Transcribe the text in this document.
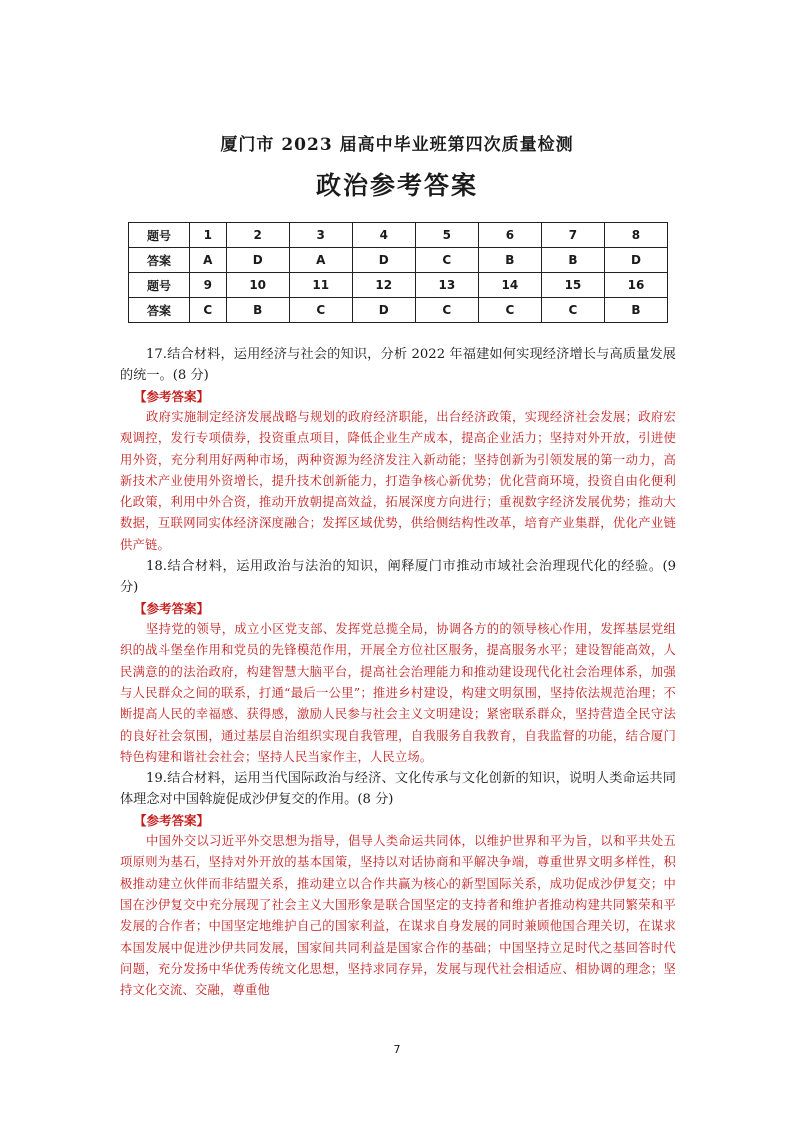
厦门市 2023 届高中毕业班第四次质量检测
政治参考答案
题号	1	2	3	4	5	6	7	8
答案	A	D	A	D	C	B	B	D
题号	9	10	11	12	13	14	15	16
答案	C	B	C	D	C	C	C	B

17.结合材料，运用经济与社会的知识，分析 2022 年福建如何实现经济增长与高质量发展的统一。(8 分)

【参考答案】

政府实施制定经济发展战略与规划的政府经济职能，出台经济政策，实现经济社会发展；政府宏观调控，发行专项债券，投资重点项目，降低企业生产成本，提高企业活力；坚持对外开放，引进使用外资，充分利用好两种市场，两种资源为经济发注入新动能；坚持创新为引领发展的第一动力，高新技术产业使用外资增长，提升技术创新能力，打造争核心新优势；优化营商环境，投资自由化便利化政策，利用中外合资，推动开放朝提高效益，拓展深度方向进行；重视数字经济发展优势；推动大数据，互联网同实体经济深度融合；发挥区域优势，供给侧结构性改革，培育产业集群，优化产业链供产链。

18.结合材料，运用政治与法治的知识，阐释厦门市推动市域社会治理现代化的经验。(9 分)

【参考答案】

坚持党的领导，成立小区党支部、发挥党总揽全局，协调各方的的领导核心作用，发挥基层党组织的战斗堡垒作用和党员的先锋模范作用，开展全方位社区服务，提高服务水平；建设智能高效，人民满意的的法治政府，构建智慧大脑平台，提高社会治理能力和推动建设现代化社会治理体系，加强与人民群众之间的联系，打通“最后一公里”；推进乡村建设，构建文明氛围，坚持依法规范治理；不断提高人民的幸福感、获得感，激励人民参与社会主义文明建设；紧密联系群众，坚持营造全民守法的良好社会氛围，通过基层自治组织实现自我管理，自我服务自我教育，自我监督的功能，结合厦门特色构建和谐社会社会；坚持人民当家作主，人民立场。

19.结合材料，运用当代国际政治与经济、文化传承与文化创新的知识，说明人类命运共同体理念对中国斡旋促成沙伊复交的作用。(8 分)

【参考答案】

中国外交以习近平外交思想为指导，倡导人类命运共同体，以维护世界和平为旨，以和平共处五项原则为基石，坚持对外开放的基本国策，坚持以对话协商和平解决争端，尊重世界文明多样性，积极推动建立伙伴而非结盟关系，推动建立以合作共赢为核心的新型国际关系，成功促成沙伊复交；中国在沙伊复交中充分展现了社会主义大国形象是联合国坚定的支持者和维护者推动构建共同繁荣和平发展的合作者；中国坚定地维护自己的国家利益，在谋求自身发展的同时兼顾他国合理关切，在谋求本国发展中促进沙伊共同发展，国家间共同利益是国家合作的基础；中国坚持立足时代之基回答时代问题，充分发扬中华优秀传统文化思想，坚持求同存异，发展与现代社会相适应、相协调的理念；坚持文化交流、交融，尊重他

7
